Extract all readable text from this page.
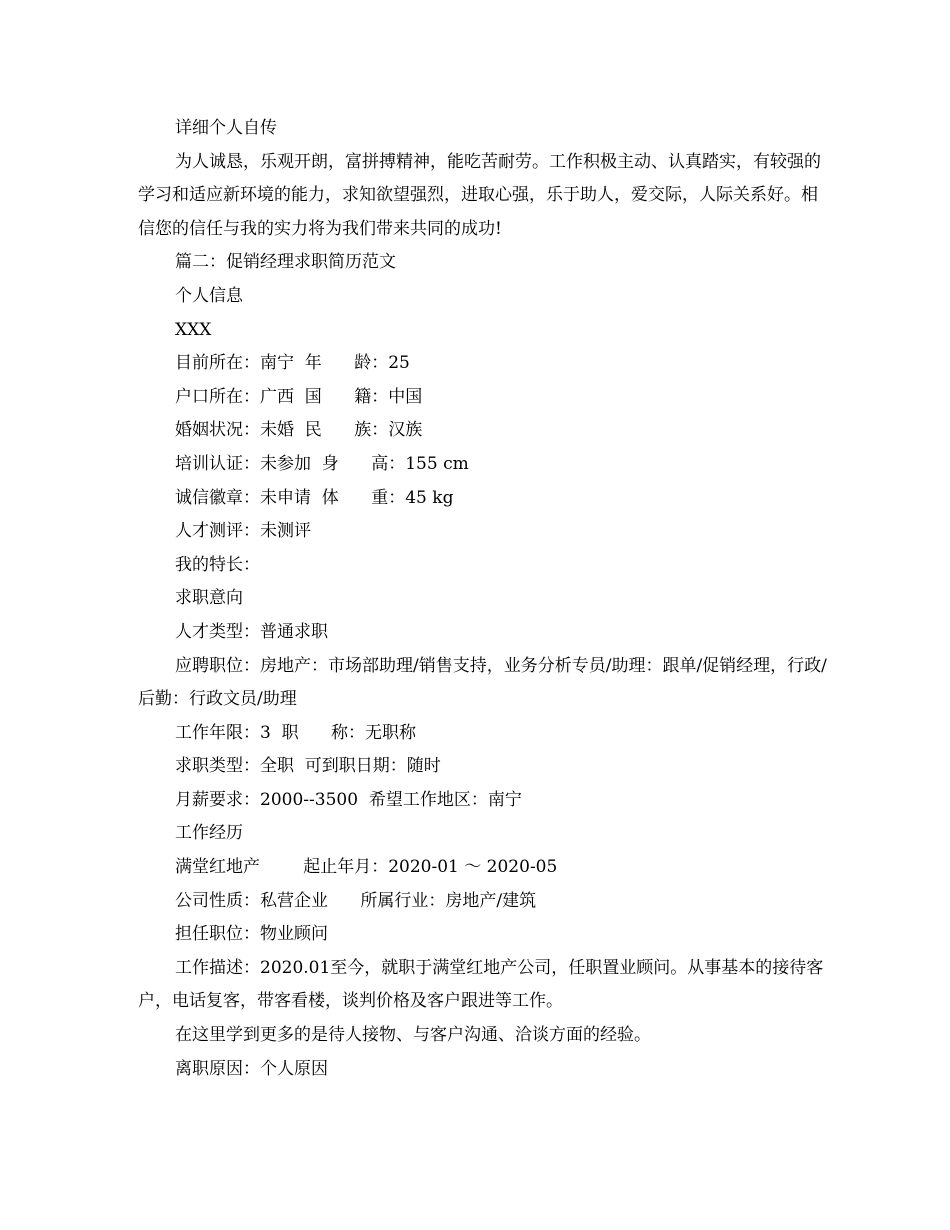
详细个人自传
为人诚恳，乐观开朗，富拼搏精神，能吃苦耐劳。工作积极主动、认真踏实，有较强的学习和适应新环境的能力，求知欲望强烈，进取心强，乐于助人，爱交际，人际关系好。相信您的信任与我的实力将为我们带来共同的成功!
篇二：促销经理求职简历范文
个人信息
XXX
目前所在：南宁  年      龄：25
户口所在：广西  国      籍：中国
婚姻状况：未婚  民      族：汉族
培训认证：未参加  身      高：155 cm
诚信徽章：未申请  体      重：45 kg
人才测评：未测评
我的特长：
求职意向
人才类型：普通求职
应聘职位：房地产：市场部助理/销售支持，业务分析专员/助理：跟单/促销经理，行政/后勤：行政文员/助理
工作年限：3  职      称：无职称
求职类型：全职  可到职日期：随时
月薪要求：2000--3500  希望工作地区：南宁
工作经历
满堂红地产        起止年月：2020-01 ～ 2020-05
公司性质：私营企业      所属行业：房地产/建筑
担任职位：物业顾问
工作描述：2020.01至今，就职于满堂红地产公司，任职置业顾问。从事基本的接待客户，电话复客，带客看楼，谈判价格及客户跟进等工作。
在这里学到更多的是待人接物、与客户沟通、洽谈方面的经验。
离职原因：个人原因
